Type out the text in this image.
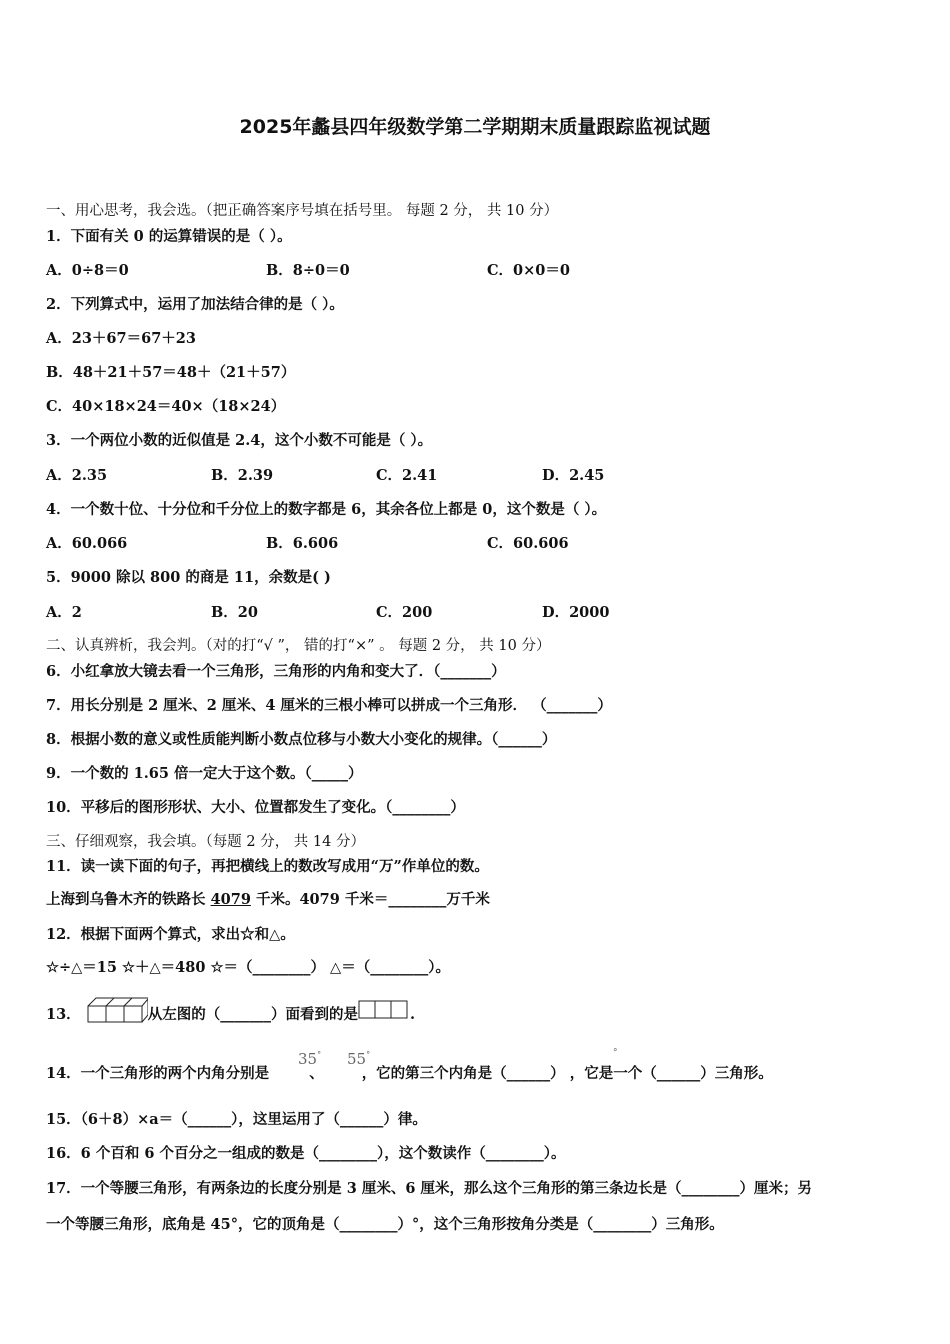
2025年蠡县四年级数学第二学期期末质量跟踪监视试题
一、用心思考，我会选。（把正确答案序号填在括号里。 每题 2 分， 共 10 分）
1．下面有关 0 的运算错误的是（ ）。
A．0÷8＝0	B．8÷0＝0	C．0×0＝0
2．下列算式中，运用了加法结合律的是（ ）。
A．23＋67＝67＋23
B．48＋21＋57＝48＋（21＋57）
C．40×18×24＝40×（18×24）
3．一个两位小数的近似值是 2.4，这个小数不可能是（ ）。
A．2.35	B．2.39	C．2.41	D．2.45
4．一个数十位、十分位和千分位上的数字都是 6，其余各位上都是 0，这个数是（ ）。
A．60.066	B．6.606	C．60.606
5．9000 除以 800 的商是 11，余数是( )
A．2	B．20	C．200	D．2000
二、认真辨析，我会判。（对的打“√ ”， 错的打“×” 。 每题 2 分， 共 10 分）
6．小红拿放大镜去看一个三角形，三角形的内角和变大了．（_______）
7．用长分别是 2 厘米、2 厘米、4 厘米的三根小棒可以拼成一个三角形． （_______）
8．根据小数的意义或性质能判断小数点位移与小数大小变化的规律。（______）
9．一个数的 1.65 倍一定大于这个数。（_____）
10．平移后的图形形状、大小、位置都发生了变化。（________）
三、仔细观察，我会填。（每题 2 分， 共 14 分）
11．读一读下面的句子，再把横线上的数改写成用“万”作单位的数。
上海到乌鲁木齐的铁路长 4079 千米。4079 千米＝________万千米
12．根据下面两个算式，求出☆和△。
☆÷△＝15 ☆＋△＝480 ☆＝（________） △＝（________）。
13．	从左图的（_______）面看到的是	.
14．一个三角形的两个内角分别是	、	，它的第三个内角是（______） ，它是一个（______）三角形。
35° 55°	°
15．（6＋8）×a＝（______），这里运用了（______）律。
16．6 个百和 6 个百分之一组成的数是（________），这个数读作（________）。
17．一个等腰三角形，有两条边的长度分别是 3 厘米、6 厘米，那么这个三角形的第三条边长是（________）厘米；另
一个等腰三角形，底角是 45°，它的顶角是（________）°，这个三角形按角分类是（________）三角形。
